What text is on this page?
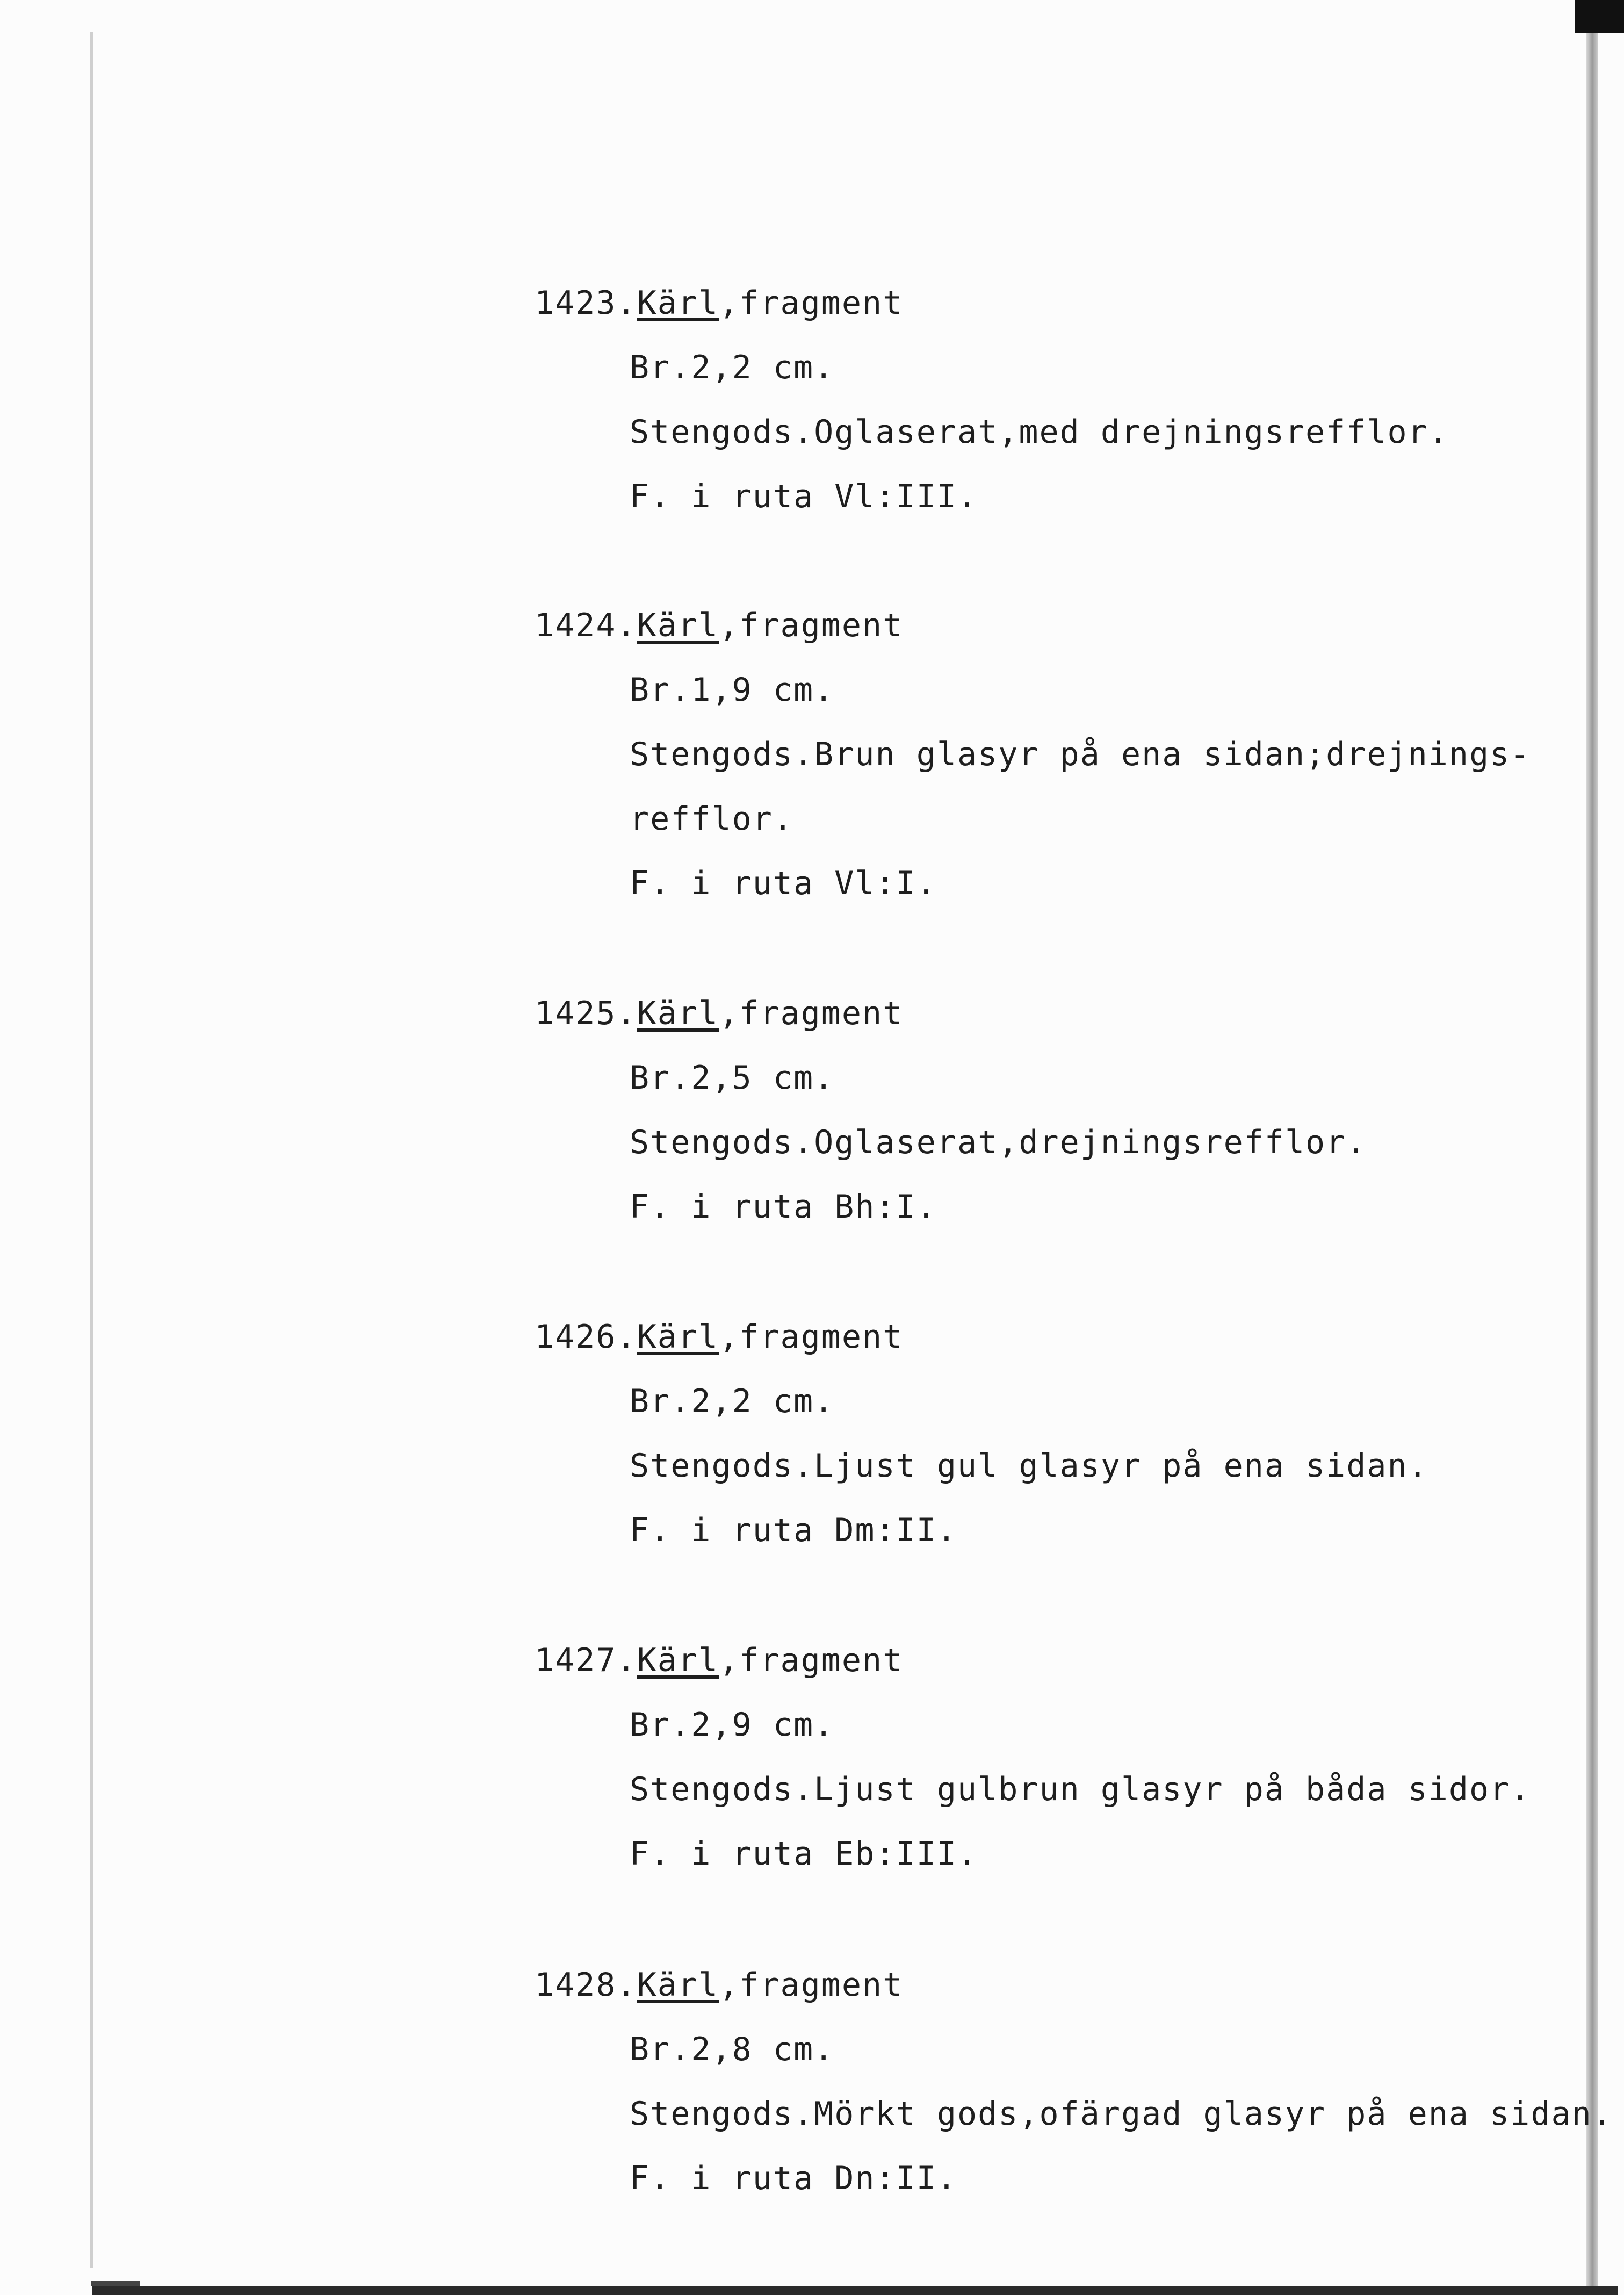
1423.Kärl,fragment
Br.2,2 cm.
Stengods.Oglaserat,med drejningsrefflor.
F. i ruta Vl:III.
1424.Kärl,fragment
Br.1,9 cm.
Stengods.Brun glasyr på ena sidan;drejnings-
refflor.
F. i ruta Vl:I.
1425.Kärl,fragment
Br.2,5 cm.
Stengods.Oglaserat,drejningsrefflor.
F. i ruta Bh:I.
1426.Kärl,fragment
Br.2,2 cm.
Stengods.Ljust gul glasyr på ena sidan.
F. i ruta Dm:II.
1427.Kärl,fragment
Br.2,9 cm.
Stengods.Ljust gulbrun glasyr på båda sidor.
F. i ruta Eb:III.
1428.Kärl,fragment
Br.2,8 cm.
Stengods.Mörkt gods,ofärgad glasyr på ena sidan.
F. i ruta Dn:II.
